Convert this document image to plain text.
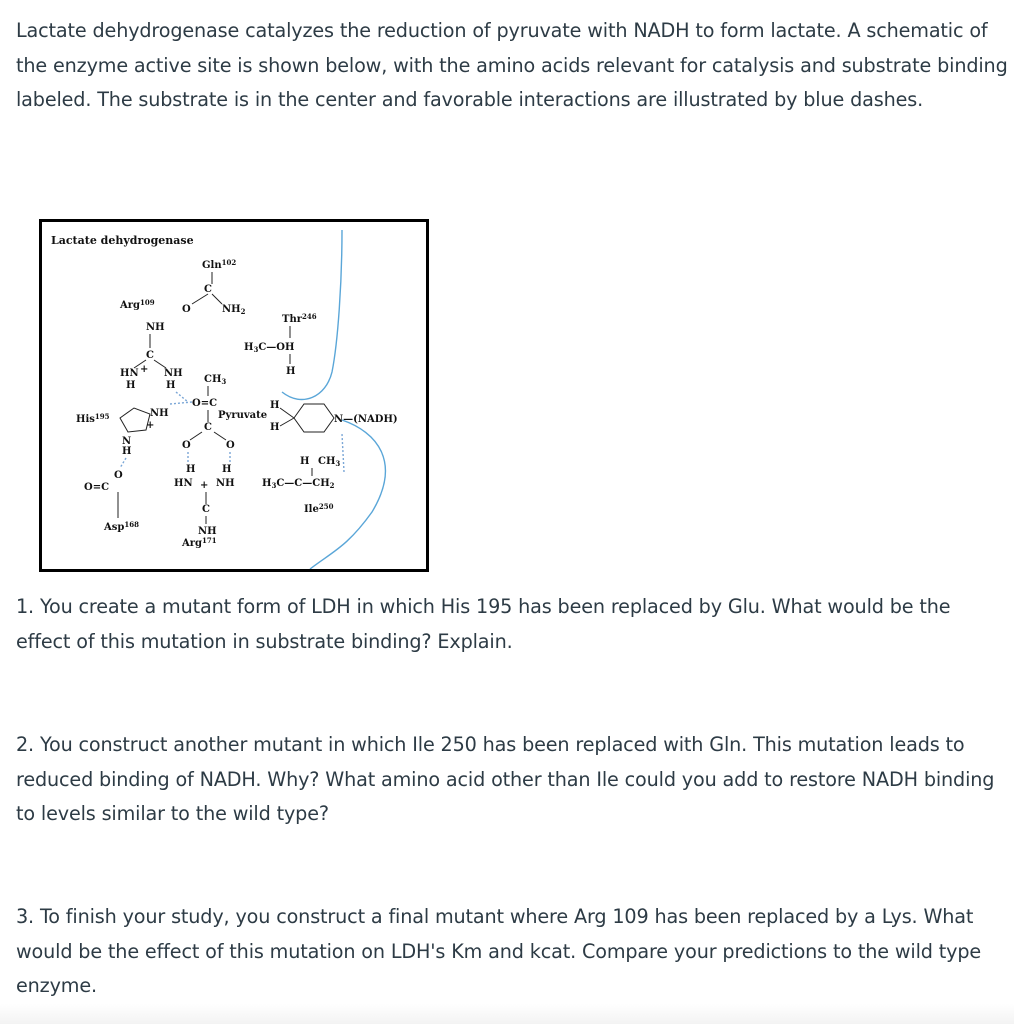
Lactate dehydrogenase catalyzes the reduction of pyruvate with NADH to form lactate. A schematic of the enzyme active site is shown below, with the amino acids relevant for catalysis and substrate binding labeled. The substrate is in the center and favorable interactions are illustrated by blue dashes.

Lactate dehydrogenase
Gln$^{102}$
C
O	$NH_2$
Arg$^{109}$
NH
C
HN + NH
H	H
Thr$^{246}$
$H_3C—OH$
H
$CH_3$
O=C
Pyruvate
C
O	O
H
H
N—(NADH)
His$^{195}$	NH
+
N
H
O
O=C
Asp$^{168}$
H	H
HN + NH
C
NH
Arg$^{171}$
H $CH_3$
$H_3C—C—CH_2$
Ile$^{250}$

1. You create a mutant form of LDH in which His 195 has been replaced by Glu. What would be the effect of this mutation in substrate binding? Explain.

2. You construct another mutant in which Ile 250 has been replaced with Gln. This mutation leads to reduced binding of NADH. Why? What amino acid other than Ile could you add to restore NADH binding to levels similar to the wild type?

3. To finish your study, you construct a final mutant where Arg 109 has been replaced by a Lys. What would be the effect of this mutation on LDH's Km and kcat. Compare your predictions to the wild type enzyme.
